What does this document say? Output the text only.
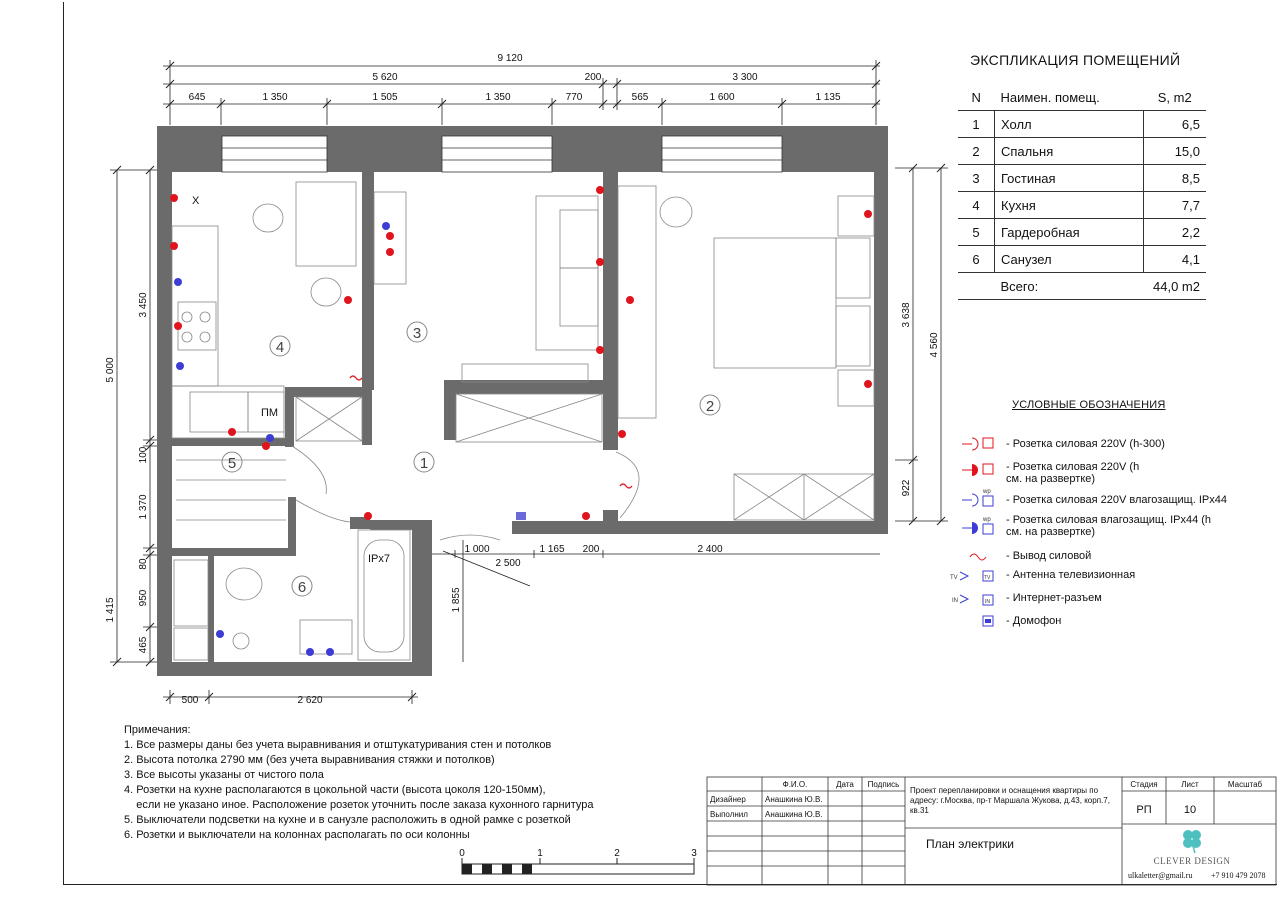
9 120
5 620	200	3 300
645	1 350	1 505	1 350	770	565	1 600	1 135
5 000
3 450
100
1 370
80
950
465
1 415
3 638
922
4 560
500	2 620
1 000	1 165 200	2 400
2 500
1 855
1
2
3
4
5
6
X
ПМ
IPx7
0	1	2	3
wp
wp
TV	TV
IN	IN
ЭКСПЛИКАЦИЯ ПОМЕЩЕНИЙ
N	Наимен. помещ.	S, m2
1	Холл	6,5
2	Спальня	15,0
3	Гостиная	8,5
4	Кухня	7,7
5	Гардеробная	2,2
6	Санузел	4,1
	Всего:	44,0 m2
УСЛОВНЫЕ ОБОЗНАЧЕНИЯ
- Розетка силовая 220V (h-300)
- Розетка силовая 220V (h см. на развертке)
- Розетка силовая 220V влагозащищ. IPx44
- Розетка силовая влагозащищ. IPx44 (h см. на развертке)
- Вывод силовой
- Антенна телевизионная
- Интернет-разъем
- Домофон
Примечания:
1. Все размеры даны без учета выравнивания и отштукатуривания стен и потолков
2. Высота потолка 2790 мм (без учета выравнивания стяжки и потолков)
3. Все высоты указаны от чистого пола
4. Розетки на кухне располагаются в цокольной части (высота цоколя 120-150мм),
если не указано иное. Расположение розеток уточнить после заказа кухонного гарнитура
5. Выключатели подсветки на кухне и в санузле расположить в одной рамке с розеткой
6. Розетки и выключатели на колоннах располагать по оси колонны
Ф.И.О.	Дата	Подпись
Дизайнер Анашкина Ю.В.
Выполнил Анашкина Ю.В.
Проект перепланировки и оснащения квартиры по адресу: г.Москва, пр-т Маршала Жукова, д.43, корп.7, кв.31
План электрики
Стадия	Лист	Масштаб
РП	10
CLEVER DESIGN
ulkaletter@gmail.ru +7 910 479 2078
